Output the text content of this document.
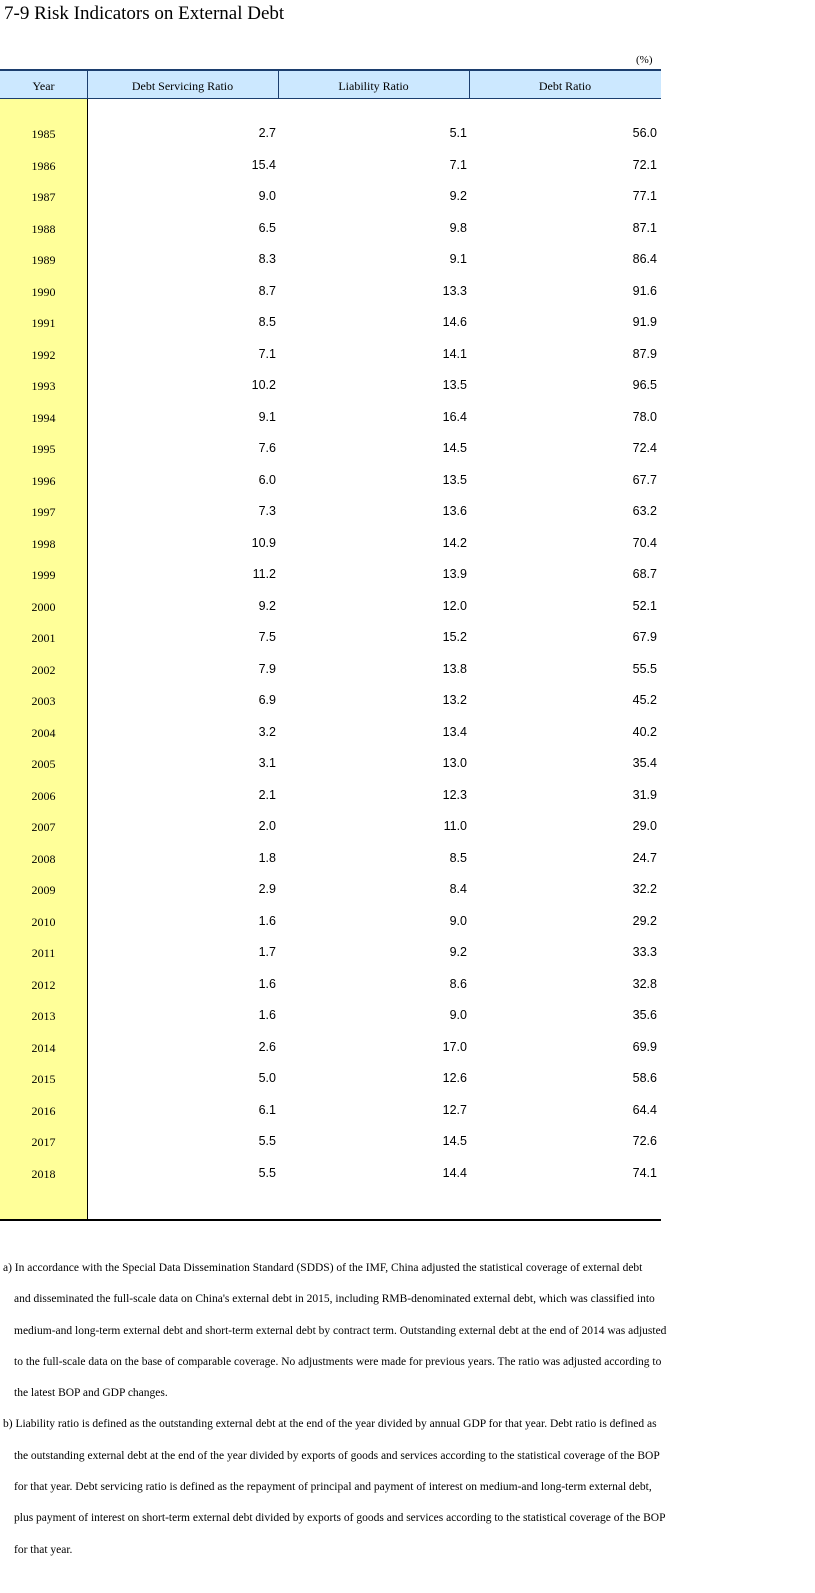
7-9 Risk Indicators on External Debt
(%)
Year	Debt Servicing Ratio	Liability Ratio	Debt Ratio
1985	2.7	5.1	56.0
1986	15.4	7.1	72.1
1987	9.0	9.2	77.1
1988	6.5	9.8	87.1
1989	8.3	9.1	86.4
1990	8.7	13.3	91.6
1991	8.5	14.6	91.9
1992	7.1	14.1	87.9
1993	10.2	13.5	96.5
1994	9.1	16.4	78.0
1995	7.6	14.5	72.4
1996	6.0	13.5	67.7
1997	7.3	13.6	63.2
1998	10.9	14.2	70.4
1999	11.2	13.9	68.7
2000	9.2	12.0	52.1
2001	7.5	15.2	67.9
2002	7.9	13.8	55.5
2003	6.9	13.2	45.2
2004	3.2	13.4	40.2
2005	3.1	13.0	35.4
2006	2.1	12.3	31.9
2007	2.0	11.0	29.0
2008	1.8	8.5	24.7
2009	2.9	8.4	32.2
2010	1.6	9.0	29.2
2011	1.7	9.2	33.3
2012	1.6	8.6	32.8
2013	1.6	9.0	35.6
2014	2.6	17.0	69.9
2015	5.0	12.6	58.6
2016	6.1	12.7	64.4
2017	5.5	14.5	72.6
2018	5.5	14.4	74.1
a) In accordance with the Special Data Dissemination Standard (SDDS) of the IMF, China adjusted the statistical coverage of external debt
and disseminated the full-scale data on China's external debt in 2015, including RMB-denominated external debt, which was classified into
medium-and long-term external debt and short-term external debt by contract term. Outstanding external debt at the end of 2014 was adjusted
to the full-scale data on the base of comparable coverage. No adjustments were made for previous years. The ratio was adjusted according to
the latest BOP and GDP changes.
b) Liability ratio is defined as the outstanding external debt at the end of the year divided by annual GDP for that year. Debt ratio is defined as
the outstanding external debt at the end of the year divided by exports of goods and services according to the statistical coverage of the BOP
for that year. Debt servicing ratio is defined as the repayment of principal and payment of interest on medium-and long-term external debt,
plus payment of interest on short-term external debt divided by exports of goods and services according to the statistical coverage of the BOP
for that year.
